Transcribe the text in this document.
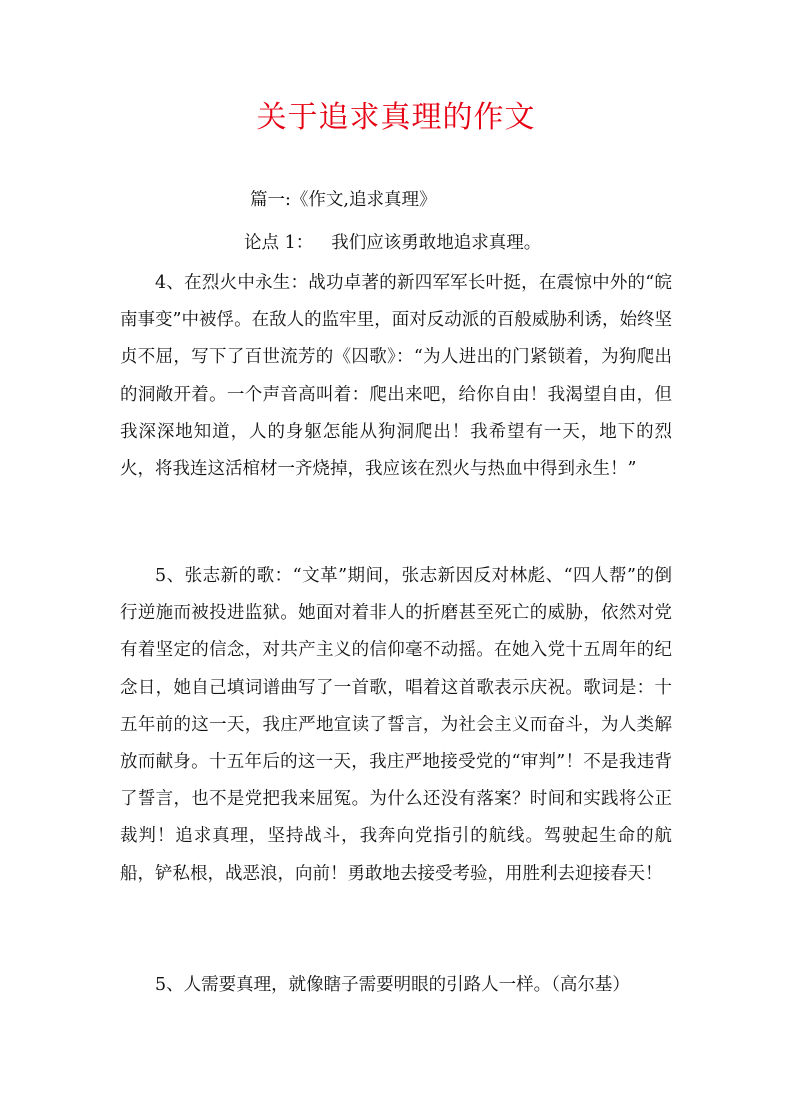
关于追求真理的作文
篇一:《作文,追求真理》
论点 1： 我们应该勇敢地追求真理。

4、在烈火中永生：战功卓著的新四军军长叶挺，在震惊中外的“皖南事变”中被俘。在敌人的监牢里，面对反动派的百般威胁利诱，始终坚贞不屈，写下了百世流芳的《囚歌》：“为人进出的门紧锁着，为狗爬出的洞敞开着。一个声音高叫着：爬出来吧，给你自由！我渴望自由，但我深深地知道，人的身躯怎能从狗洞爬出！我希望有一天，地下的烈火，将我连这活棺材一齐烧掉，我应该在烈火与热血中得到永生！”

5、张志新的歌：“文革”期间，张志新因反对林彪、“四人帮”的倒行逆施而被投进监狱。她面对着非人的折磨甚至死亡的威胁，依然对党有着坚定的信念，对共产主义的信仰毫不动摇。在她入党十五周年的纪念日，她自己填词谱曲写了一首歌，唱着这首歌表示庆祝。歌词是：十五年前的这一天，我庄严地宣读了誓言，为社会主义而奋斗，为人类解放而献身。十五年后的这一天，我庄严地接受党的“审判”！不是我违背了誓言，也不是党把我来屈冤。为什么还没有落案？时间和实践将公正裁判！追求真理，坚持战斗，我奔向党指引的航线。驾驶起生命的航船，铲私根，战恶浪，向前！勇敢地去接受考验，用胜利去迎接春天！

5、人需要真理，就像瞎子需要明眼的引路人一样。（高尔基）
